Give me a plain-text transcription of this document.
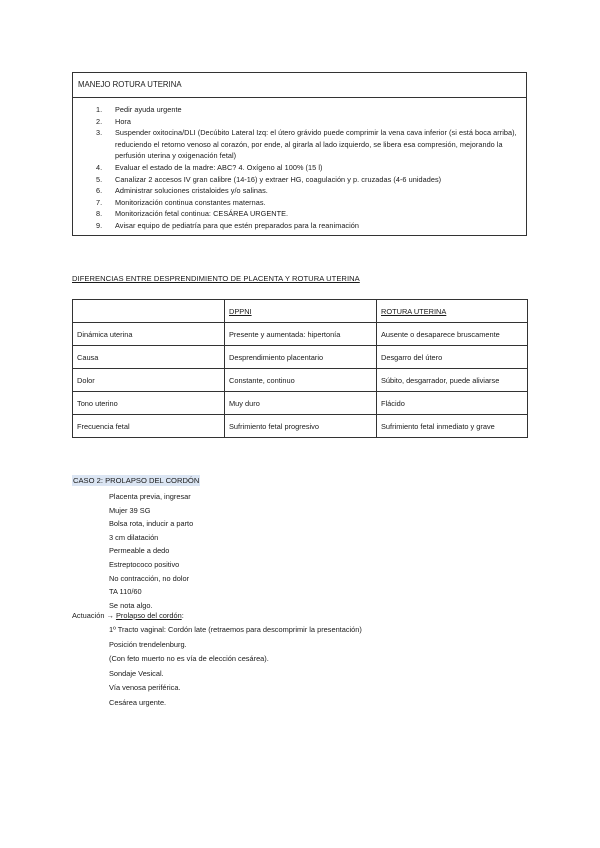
MANEJO ROTURA UTERINA
1. Pedir ayuda urgente
2. Hora
3. Suspender oxitocina/DLI (Decúbito Lateral Izq: el útero grávido puede comprimir la vena cava inferior (si está boca arriba), reduciendo el retorno venoso al corazón, por ende, al girarla al lado izquierdo, se libera esa compresión, mejorando la perfusión uterina y oxigenación fetal)
4. Evaluar el estado de la madre: ABC? 4. Oxígeno al 100% (15 l)
5. Canalizar 2 accesos IV gran calibre (14-16) y extraer HG, coagulación y p. cruzadas (4-6 unidades)
6. Administrar soluciones cristaloides y/o salinas.
7. Monitorización continua constantes maternas.
8. Monitorización fetal continua: CESÁREA URGENTE.
9. Avisar equipo de pediatría para que estén preparados para la reanimación
DIFERENCIAS ENTRE DESPRENDIMIENTO DE PLACENTA Y ROTURA UTERINA
	DPPNI	ROTURA UTERINA
Dinámica uterina	Presente y aumentada: hipertonía	Ausente o desaparece bruscamente
Causa	Desprendimiento placentario	Desgarro del útero
Dolor	Constante, continuo	Súbito, desgarrador, puede aliviarse
Tono uterino	Muy duro	Flácido
Frecuencia fetal	Sufrimiento fetal progresivo	Sufrimiento fetal inmediato y grave
CASO 2: PROLAPSO DEL CORDÓN
Placenta previa, ingresar
Mujer 39 SG
Bolsa rota, inducir a parto
3 cm dilatación
Permeable a dedo
Estreptococo positivo
No contracción, no dolor
TA 110/60
Se nota algo.
Actuación → Prolapso del cordón:
1º Tracto vaginal: Cordón late (retraemos para descomprimir la presentación)
Posición trendelenburg.
(Con feto muerto no es vía de elección cesárea).
Sondaje Vesical.
Vía venosa periférica.
Cesárea urgente.
